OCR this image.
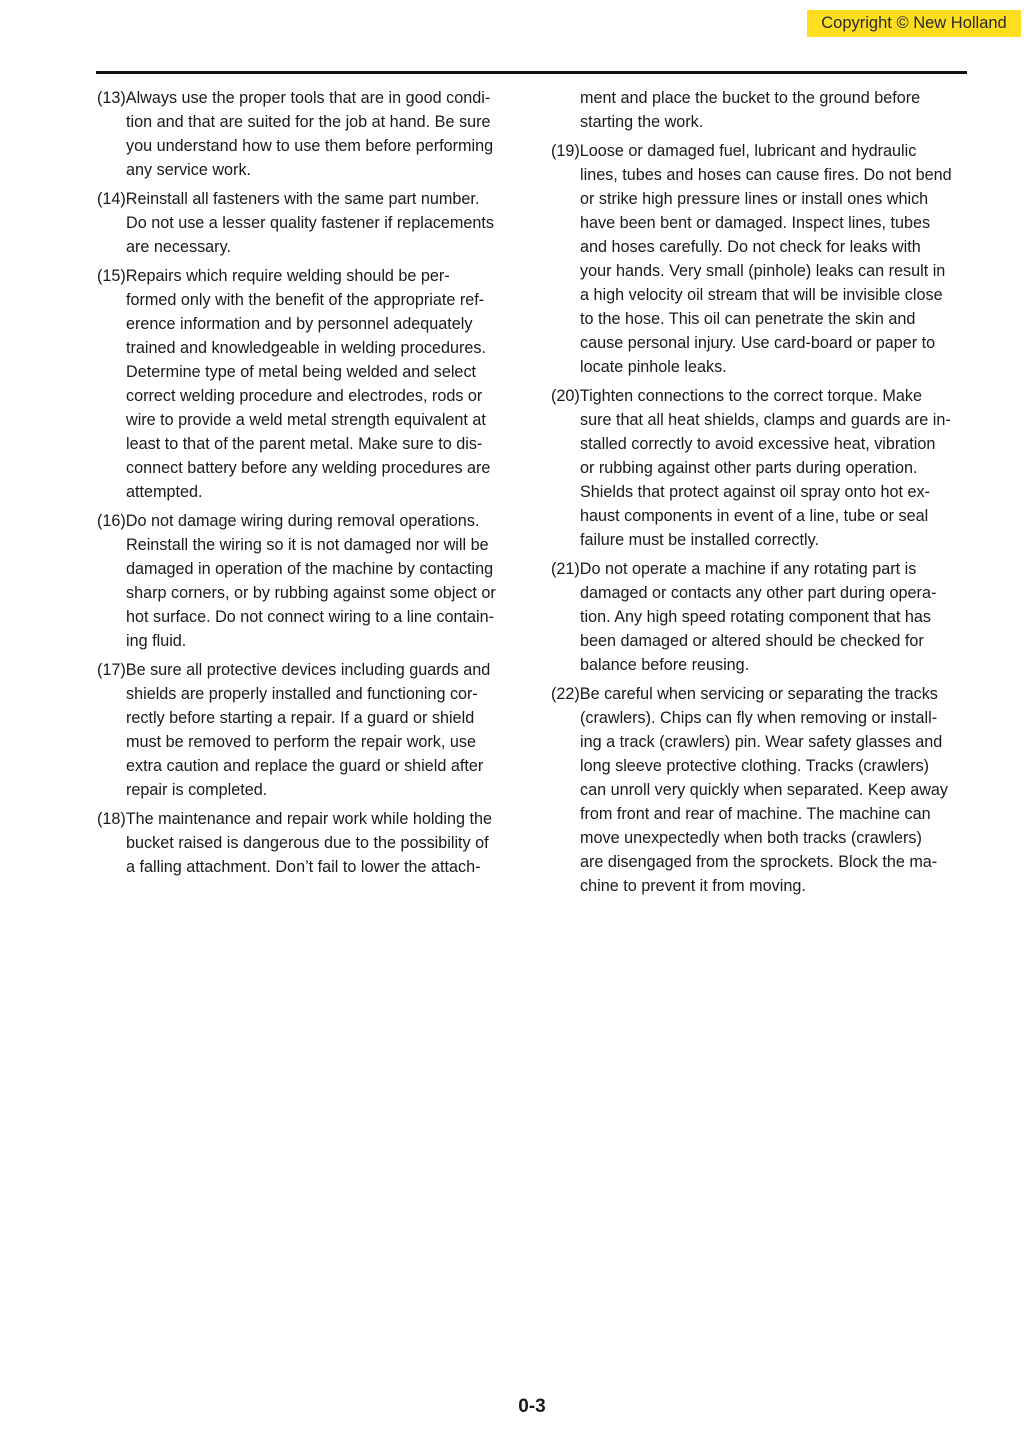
Copyright © New Holland
(13)Always use the proper tools that are in good condi-
tion and that are suited for the job at hand. Be sure
you understand how to use them before performing
any service work.
(14)Reinstall all fasteners with the same part number.
Do not use a lesser quality fastener if replacements
are necessary.
(15)Repairs which require welding should be per-
formed only with the benefit of the appropriate ref-
erence information and by personnel adequately
trained and knowledgeable in welding procedures.
Determine type of metal being welded and select
correct welding procedure and electrodes, rods or
wire to provide a weld metal strength equivalent at
least to that of the parent metal. Make sure to dis-
connect battery before any welding procedures are
attempted.
(16)Do not damage wiring during removal operations.
Reinstall the wiring so it is not damaged nor will be
damaged in operation of the machine by contacting
sharp corners, or by rubbing against some object or
hot surface. Do not connect wiring to a line contain-
ing fluid.
(17)Be sure all protective devices including guards and
shields are properly installed and functioning cor-
rectly before starting a repair. If a guard or shield
must be removed to perform the repair work, use
extra caution and replace the guard or shield after
repair is completed.
(18)The maintenance and repair work while holding the
bucket raised is dangerous due to the possibility of
a falling attachment. Don’t fail to lower the attach-
ment and place the bucket to the ground before
starting the work.
(19)Loose or damaged fuel, lubricant and hydraulic
lines, tubes and hoses can cause fires. Do not bend
or strike high pressure lines or install ones which
have been bent or damaged. Inspect lines, tubes
and hoses carefully. Do not check for leaks with
your hands. Very small (pinhole) leaks can result in
a high velocity oil stream that will be invisible close
to the hose. This oil can penetrate the skin and
cause personal injury. Use card-board or paper to
locate pinhole leaks.
(20)Tighten connections to the correct torque. Make
sure that all heat shields, clamps and guards are in-
stalled correctly to avoid excessive heat, vibration
or rubbing against other parts during operation.
Shields that protect against oil spray onto hot ex-
haust components in event of a line, tube or seal
failure must be installed correctly.
(21)Do not operate a machine if any rotating part is
damaged or contacts any other part during opera-
tion. Any high speed rotating component that has
been damaged or altered should be checked for
balance before reusing.
(22)Be careful when servicing or separating the tracks
(crawlers). Chips can fly when removing or install-
ing a track (crawlers) pin. Wear safety glasses and
long sleeve protective clothing. Tracks (crawlers)
can unroll very quickly when separated. Keep away
from front and rear of machine. The machine can
move unexpectedly when both tracks (crawlers)
are disengaged from the sprockets. Block the ma-
chine to prevent it from moving.
0-3
